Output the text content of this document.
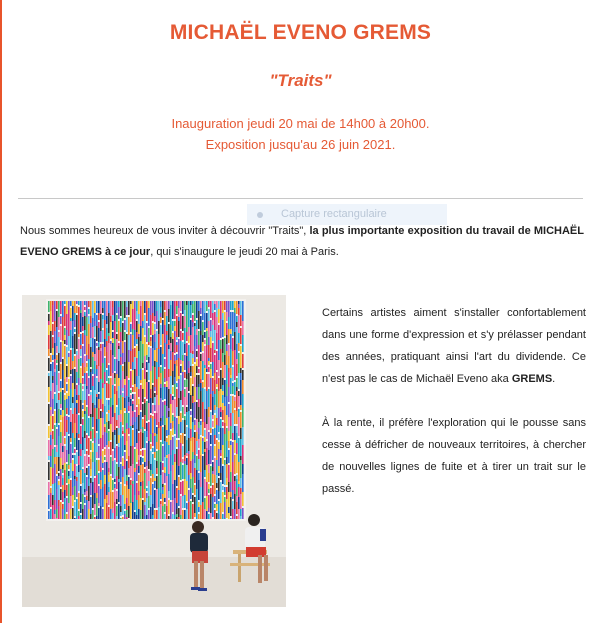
MICHAËL EVENO GREMS
"Traits"
Inauguration jeudi 20 mai de 14h00 à 20h00.
Exposition jusqu'au 26 juin 2021.
Nous sommes heureux de vous inviter à découvrir "Traits", la plus importante exposition du travail de MICHAËL EVENO GREMS à ce jour, qui s'inaugure le jeudi 20 mai à Paris.
Capture rectangulaire

Certains artistes aiment s'installer confortablement dans une forme d'expression et s'y prélasser pendant des années, pratiquant ainsi l'art du dividende. Ce n'est pas le cas de Michaël Eveno aka GREMS.

À la rente, il préfère l'exploration qui le pousse sans cesse à défricher de nouveaux territoires, à chercher de nouvelles lignes de fuite et à tirer un trait sur le passé.
